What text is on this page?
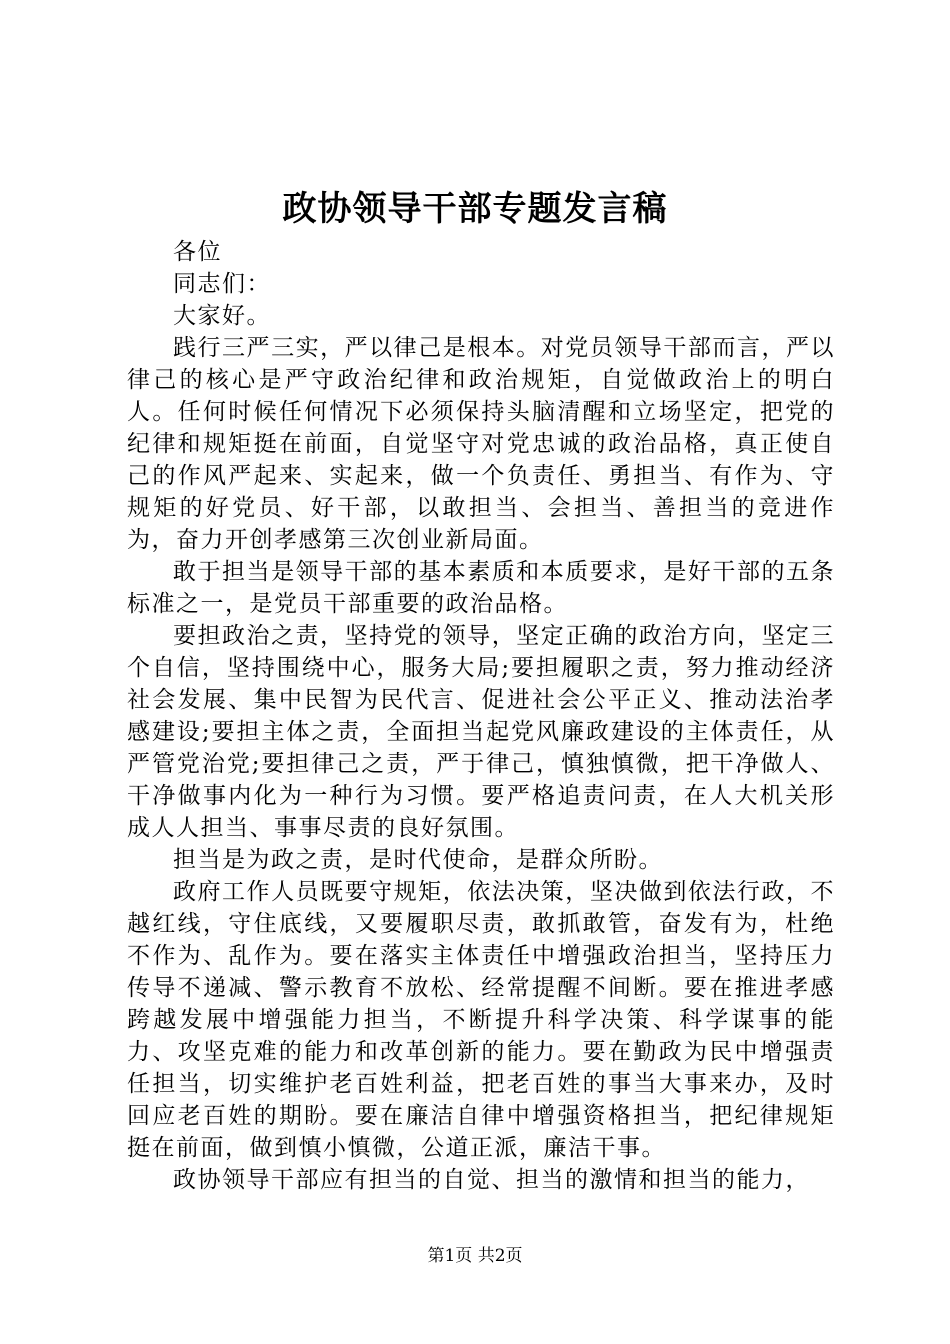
政协领导干部专题发言稿

各位

同志们：

大家好。

践行三严三实，严以律己是根本。对党员领导干部而言，严以律己的核心是严守政治纪律和政治规矩，自觉做政治上的明白人。任何时候任何情况下必须保持头脑清醒和立场坚定，把党的纪律和规矩挺在前面，自觉坚守对党忠诚的政治品格，真正使自己的作风严起来、实起来，做一个负责任、勇担当、有作为、守规矩的好党员、好干部，以敢担当、会担当、善担当的竞进作为，奋力开创孝感第三次创业新局面。

敢于担当是领导干部的基本素质和本质要求，是好干部的五条标准之一，是党员干部重要的政治品格。

要担政治之责，坚持党的领导，坚定正确的政治方向，坚定三个自信，坚持围绕中心，服务大局;要担履职之责，努力推动经济社会发展、集中民智为民代言、促进社会公平正义、推动法治孝感建设;要担主体之责，全面担当起党风廉政建设的主体责任，从严管党治党;要担律己之责，严于律己，慎独慎微，把干净做人、干净做事内化为一种行为习惯。要严格追责问责，在人大机关形成人人担当、事事尽责的良好氛围。

担当是为政之责，是时代使命，是群众所盼。

政府工作人员既要守规矩，依法决策，坚决做到依法行政，不越红线，守住底线，又要履职尽责，敢抓敢管，奋发有为，杜绝不作为、乱作为。要在落实主体责任中增强政治担当，坚持压力传导不递减、警示教育不放松、经常提醒不间断。要在推进孝感跨越发展中增强能力担当，不断提升科学决策、科学谋事的能力、攻坚克难的能力和改革创新的能力。要在勤政为民中增强责任担当，切实维护老百姓利益，把老百姓的事当大事来办，及时回应老百姓的期盼。要在廉洁自律中增强资格担当，把纪律规矩挺在前面，做到慎小慎微，公道正派，廉洁干事。

政协领导干部应有担当的自觉、担当的激情和担当的能力，

第1页 共2页
